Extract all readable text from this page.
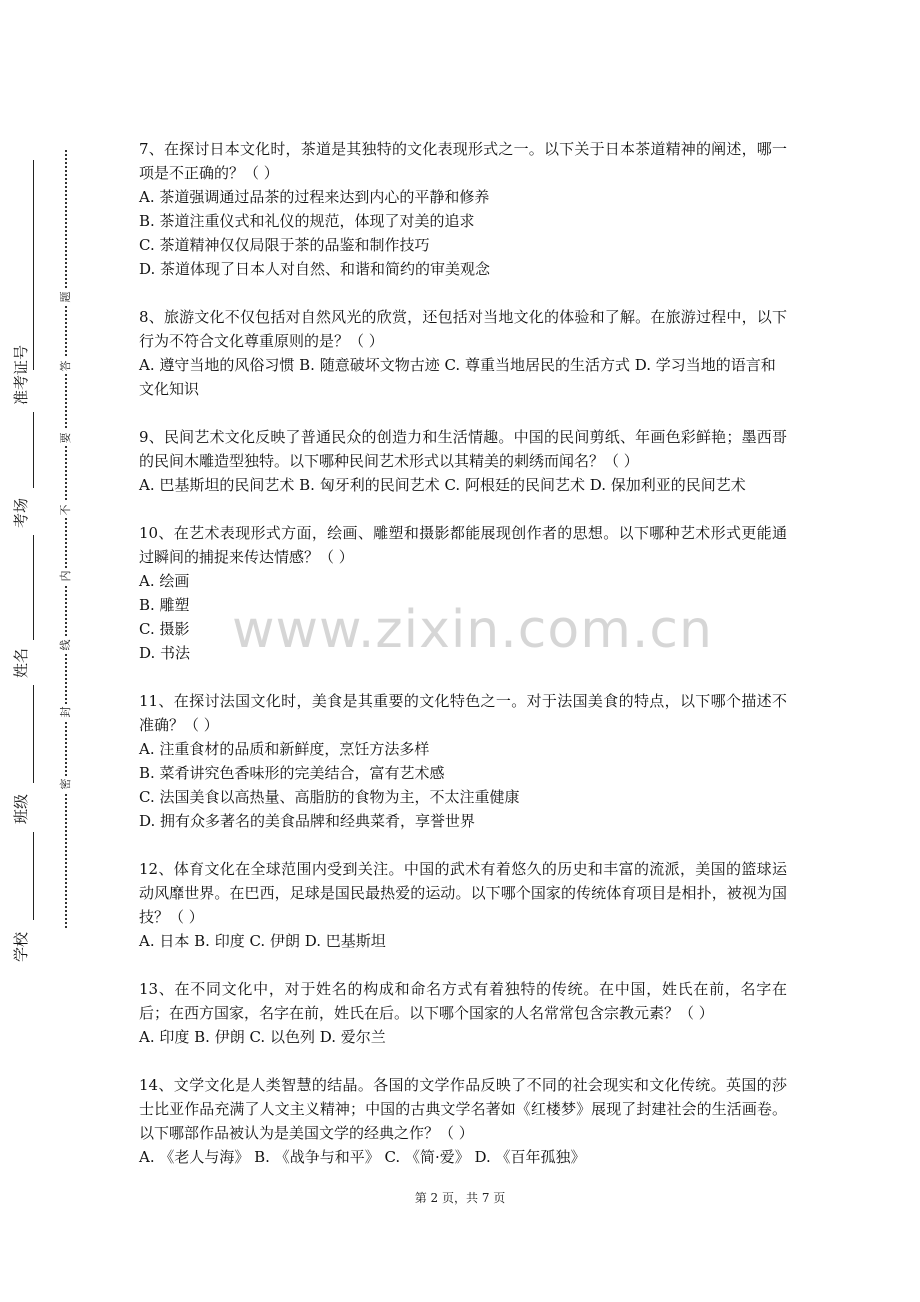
准考证号
考场
姓名
班级
学校
密
封
线
内
不
要
答
题
www.zixin.com.cn

7、在探讨日本文化时，茶道是其独特的文化表现形式之一。以下关于日本茶道精神的阐述，哪一项是不正确的？（ ）

A. 茶道强调通过品茶的过程来达到内心的平静和修养

B. 茶道注重仪式和礼仪的规范，体现了对美的追求

C. 茶道精神仅仅局限于茶的品鉴和制作技巧

D. 茶道体现了日本人对自然、和谐和简约的审美观念

8、旅游文化不仅包括对自然风光的欣赏，还包括对当地文化的体验和了解。在旅游过程中，以下行为不符合文化尊重原则的是？（ ）

A. 遵守当地的风俗习惯 B. 随意破坏文物古迹 C. 尊重当地居民的生活方式 D. 学习当地的语言和文化知识

9、民间艺术文化反映了普通民众的创造力和生活情趣。中国的民间剪纸、年画色彩鲜艳；墨西哥的民间木雕造型独特。以下哪种民间艺术形式以其精美的刺绣而闻名？（ ）

A. 巴基斯坦的民间艺术 B. 匈牙利的民间艺术 C. 阿根廷的民间艺术 D. 保加利亚的民间艺术

10、在艺术表现形式方面，绘画、雕塑和摄影都能展现创作者的思想。以下哪种艺术形式更能通过瞬间的捕捉来传达情感？（ ）

A. 绘画

B. 雕塑

C. 摄影

D. 书法

11、在探讨法国文化时，美食是其重要的文化特色之一。对于法国美食的特点，以下哪个描述不准确？（ ）

A. 注重食材的品质和新鲜度，烹饪方法多样

B. 菜肴讲究色香味形的完美结合，富有艺术感

C. 法国美食以高热量、高脂肪的食物为主，不太注重健康

D. 拥有众多著名的美食品牌和经典菜肴，享誉世界

12、体育文化在全球范围内受到关注。中国的武术有着悠久的历史和丰富的流派，美国的篮球运动风靡世界。在巴西，足球是国民最热爱的运动。以下哪个国家的传统体育项目是相扑，被视为国技？（ ）

A. 日本 B. 印度 C. 伊朗 D. 巴基斯坦

13、在不同文化中，对于姓名的构成和命名方式有着独特的传统。在中国，姓氏在前，名字在后；在西方国家，名字在前，姓氏在后。以下哪个国家的人名常常包含宗教元素？（ ）

A. 印度 B. 伊朗 C. 以色列 D. 爱尔兰

14、文学文化是人类智慧的结晶。各国的文学作品反映了不同的社会现实和文化传统。英国的莎士比亚作品充满了人文主义精神；中国的古典文学名著如《红楼梦》展现了封建社会的生活画卷。以下哪部作品被认为是美国文学的经典之作？（ ）

A. 《老人与海》 B. 《战争与和平》 C. 《简·爱》 D. 《百年孤独》

第 2 页，共 7 页
